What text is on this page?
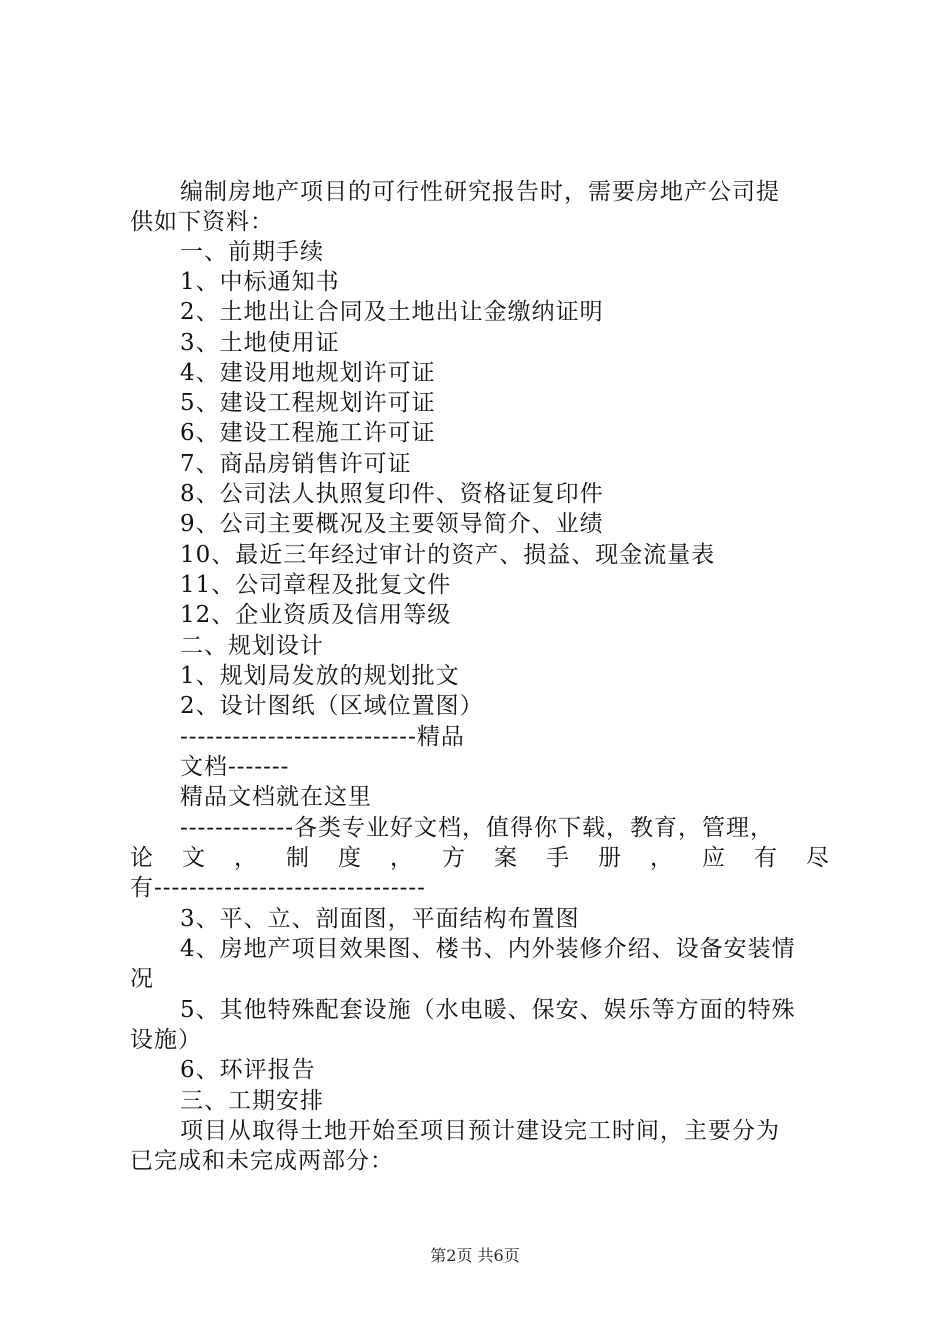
编制房地产项目的可行性研究报告时，需要房地产公司提
供如下资料：
一、前期手续
1、中标通知书
2、土地出让合同及土地出让金缴纳证明
3、土地使用证
4、建设用地规划许可证
5、建设工程规划许可证
6、建设工程施工许可证
7、商品房销售许可证
8、公司法人执照复印件、资格证复印件
9、公司主要概况及主要领导简介、业绩
10、最近三年经过审计的资产、损益、现金流量表
11、公司章程及批复文件
12、企业资质及信用等级
二、规划设计
1、规划局发放的规划批文
2、设计图纸（区域位置图）
---------------------------精品
文档-------
精品文档就在这里
-------------各类专业好文档，值得你下载，教育，管理，
论 文 ， 制 度 ， 方 案 手 册 ， 应 有 尽
有-------------------------------
3、平、立、剖面图，平面结构布置图
4、房地产项目效果图、楼书、内外装修介绍、设备安装情
况
5、其他特殊配套设施（水电暖、保安、娱乐等方面的特殊
设施）
6、环评报告
三、工期安排
项目从取得土地开始至项目预计建设完工时间，主要分为
已完成和未完成两部分：
第2页 共6页
